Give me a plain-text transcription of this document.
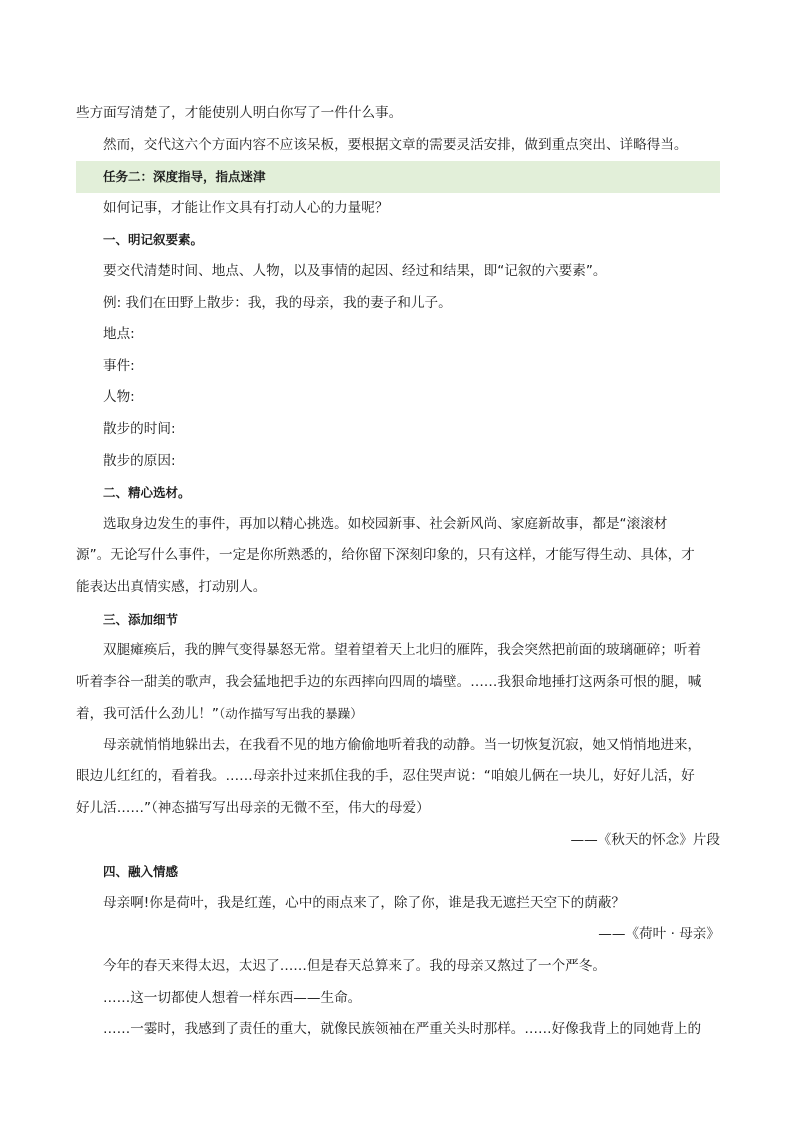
些方面写清楚了，才能使别人明白你写了一件什么事。
然而，交代这六个方面内容不应该呆板，要根据文章的需要灵活安排，做到重点突出、详略得当。
任务二：深度指导，指点迷津
如何记事，才能让作文具有打动人心的力量呢？
一、明记叙要素。
要交代清楚时间、地点、人物，以及事情的起因、经过和结果，即“记叙的六要素”。
例: 我们在田野上散步：我，我的母亲，我的妻子和儿子。
地点:
事件:
人物:
散步的时间:
散步的原因:
二、精心选材。
选取身边发生的事件，再加以精心挑选。如校园新事、社会新风尚、家庭新故事，都是“滚滚材
源”。无论写什么事件，一定是你所熟悉的，给你留下深刻印象的，只有这样，才能写得生动、具体，才
能表达出真情实感，打动别人。
三、添加细节
双腿瘫痪后，我的脾气变得暴怒无常。望着望着天上北归的雁阵，我会突然把前面的玻璃砸碎；听着
听着李谷一甜美的歌声，我会猛地把手边的东西摔向四周的墙壁。……我狠命地捶打这两条可恨的腿，喊
着，我可活什么劲儿！”（动作描写写出我的暴躁）
母亲就悄悄地躲出去，在我看不见的地方偷偷地听着我的动静。当一切恢复沉寂，她又悄悄地进来，
眼边儿红红的，看着我。……母亲扑过来抓住我的手，忍住哭声说：“咱娘儿俩在一块儿，好好儿活，好
好儿活……”（神态描写写出母亲的无微不至，伟大的母爱）
——《秋天的怀念》片段
四、融入情感
母亲啊!你是荷叶，我是红莲，心中的雨点来了，除了你，谁是我无遮拦天空下的荫蔽？
——《荷叶 · 母亲》
今年的春天来得太迟，太迟了……但是春天总算来了。我的母亲又熬过了一个严冬。
……这一切都使人想着一样东西——生命。
……一霎时，我感到了责任的重大，就像民族领袖在严重关头时那样。……好像我背上的同她背上的
